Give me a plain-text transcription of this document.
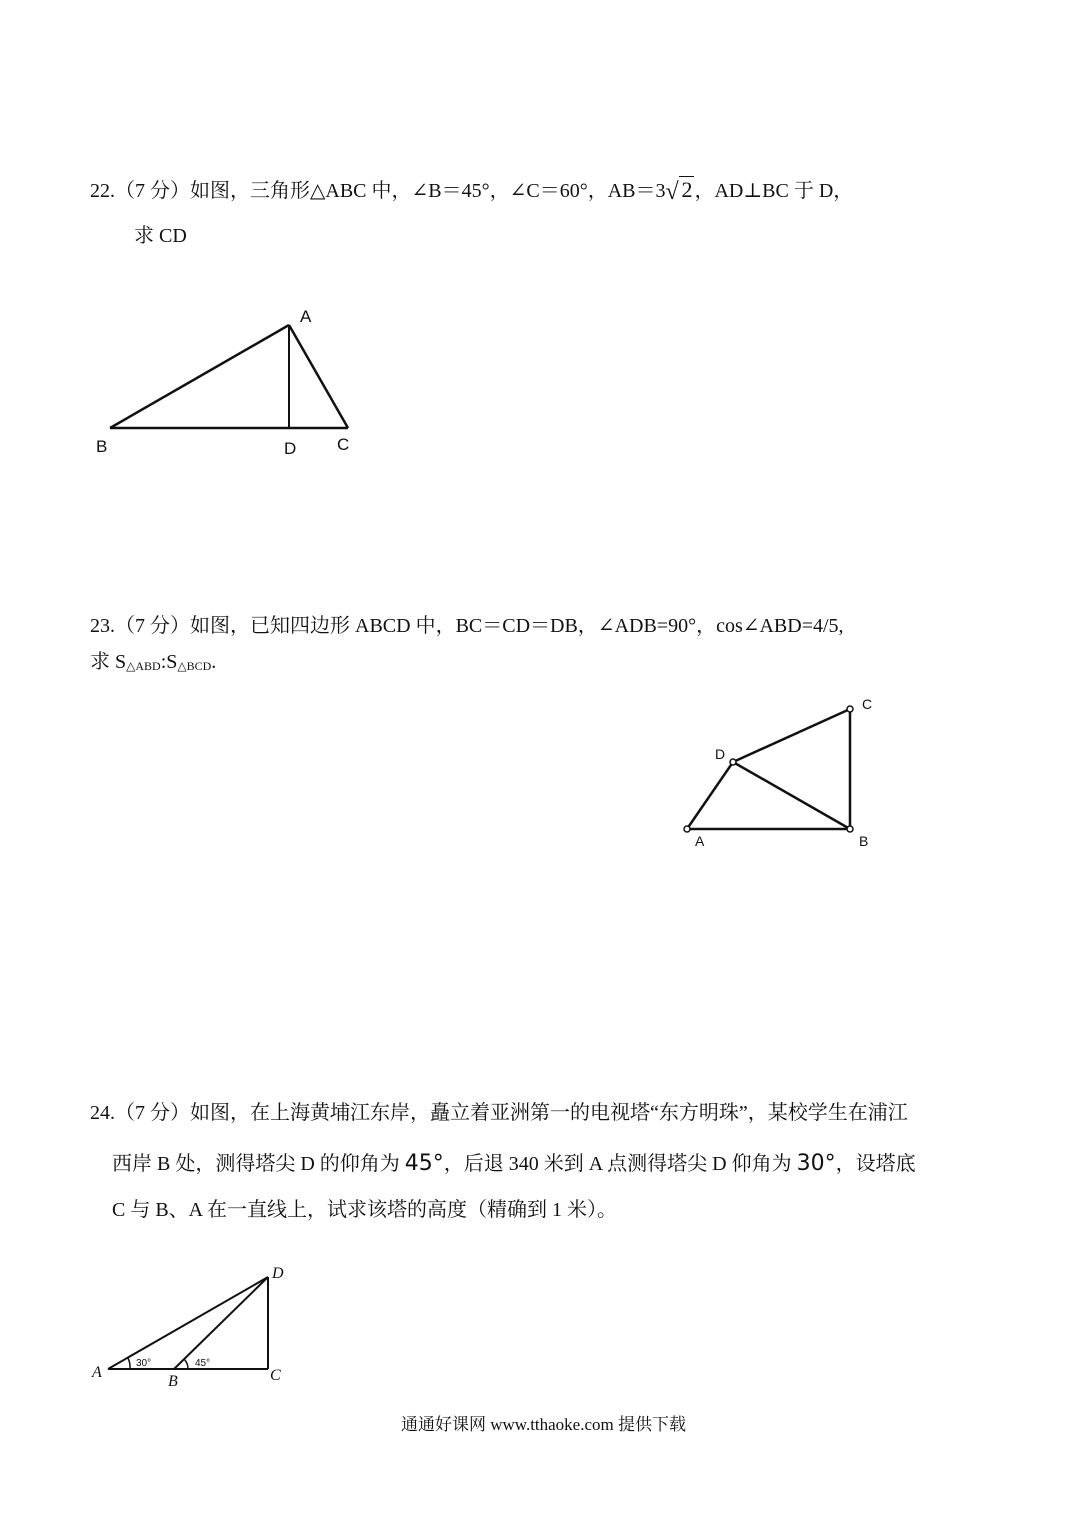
22.（7 分）如图，三角形△ABC 中，∠B＝45°，∠C＝60°，AB＝3 √ 2 ，AD⊥BC 于 D，
求 CD
23.（7 分）如图，已知四边形 ABCD 中，BC＝CD＝DB，∠ADB=90°，cos∠ABD=4/5,
求 S△ABD:S△BCD.
24.（7 分）如图，在上海黄埔江东岸，矗立着亚洲第一的电视塔“东方明珠”，某校学生在浦江
西岸 B 处，测得塔尖 D 的仰角为 45°，后退 340 米到 A 点测得塔尖 D 仰角为 30°，设塔底
C 与 B、A 在一直线上，试求该塔的高度（精确到 1 米）。
A
B	C
D
A	B
C
D
D
A
B	C
30°	45°
通通好课网 www.tthaoke.com 提供下载
